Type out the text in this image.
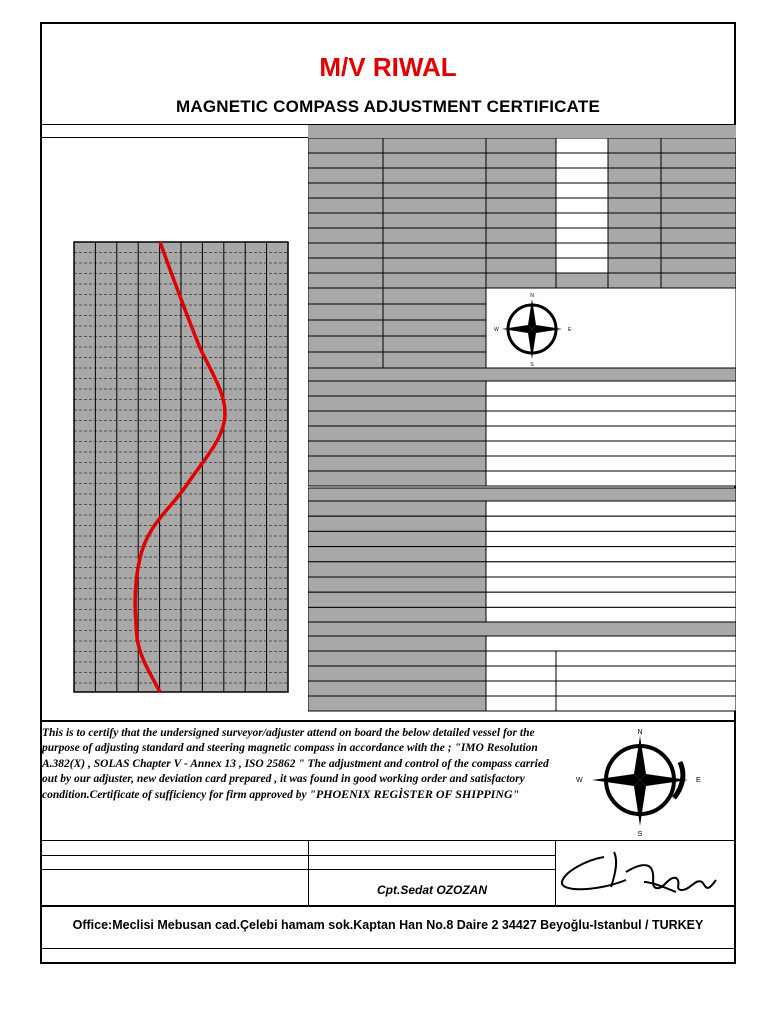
M/V RIWAL
MAGNETIC COMPASS ADJUSTMENT CERTIFICATE
N
S
W	E
This is to certify that the undersigned surveyor/adjuster attend on board the below detailed vessel for the purpose of adjusting standard and steering magnetic compass in accordance with the ; "IMO Resolution A.382(X) , SOLAS Chapter V - Annex 13 , ISO 25862 " The adjustment and control of the compass carried out by our adjuster, new deviation card prepared , it was found in good working order and satisfactory condition.Certificate of sufficiency for firm approved by "PHOENIX REGİSTER OF SHIPPING"
N
S
W	E
Cpt.Sedat OZOZAN
Office:Meclisi Mebusan cad.Çelebi hamam sok.Kaptan Han No.8 Daire 2 34427 Beyoğlu-Istanbul / TURKEY
